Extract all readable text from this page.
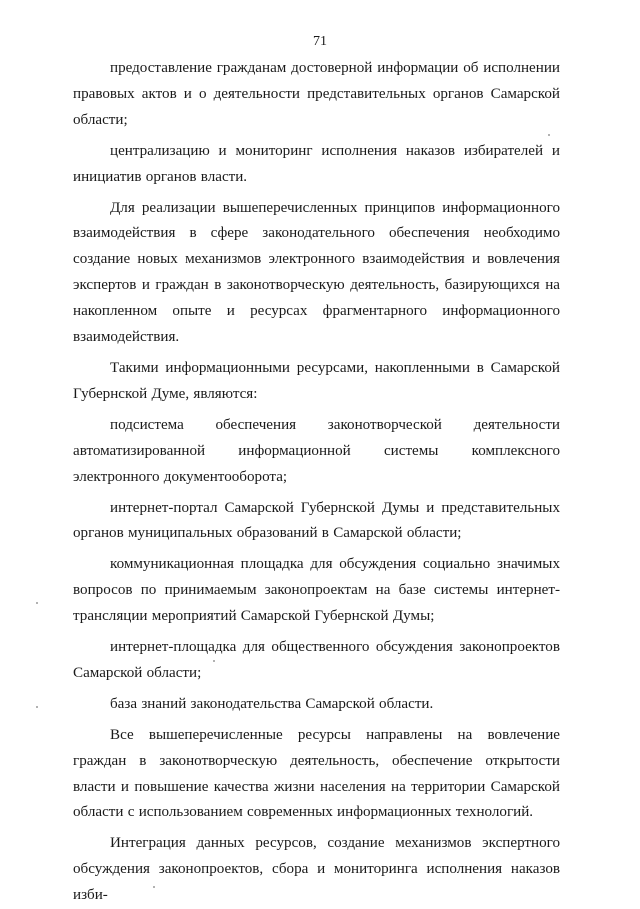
71

предоставление гражданам достоверной информации об исполнении правовых актов и о деятельности представительных органов Самарской области;

централизацию и мониторинг исполнения наказов избирателей и инициатив органов власти.

Для реализации вышеперечисленных принципов информационного взаимодействия в сфере законодательного обеспечения необходимо создание новых механизмов электронного взаимодействия и вовлечения экспертов и граждан в законотворческую деятельность, базирующихся на накопленном опыте и ресурсах фрагментарного информационного взаимодействия.

Такими информационными ресурсами, накопленными в Самарской Губернской Думе, являются:

подсистема обеспечения законотворческой деятельности автоматизированной информационной системы комплексного электронного документооборота;

интернет-портал Самарской Губернской Думы и представительных органов муниципальных образований в Самарской области;

коммуникационная площадка для обсуждения социально значимых вопросов по принимаемым законопроектам на базе системы интернет-трансляции мероприятий Самарской Губернской Думы;

интернет-площадка для общественного обсуждения законопроектов Самарской области;

база знаний законодательства Самарской области.

Все вышеперечисленные ресурсы направлены на вовлечение граждан в законотворческую деятельность, обеспечение открытости власти и повышение качества жизни населения на территории Самарской области с использованием современных информационных технологий.

Интеграция данных ресурсов, создание механизмов экспертного обсуждения законопроектов, сбора и мониторинга исполнения наказов изби-
